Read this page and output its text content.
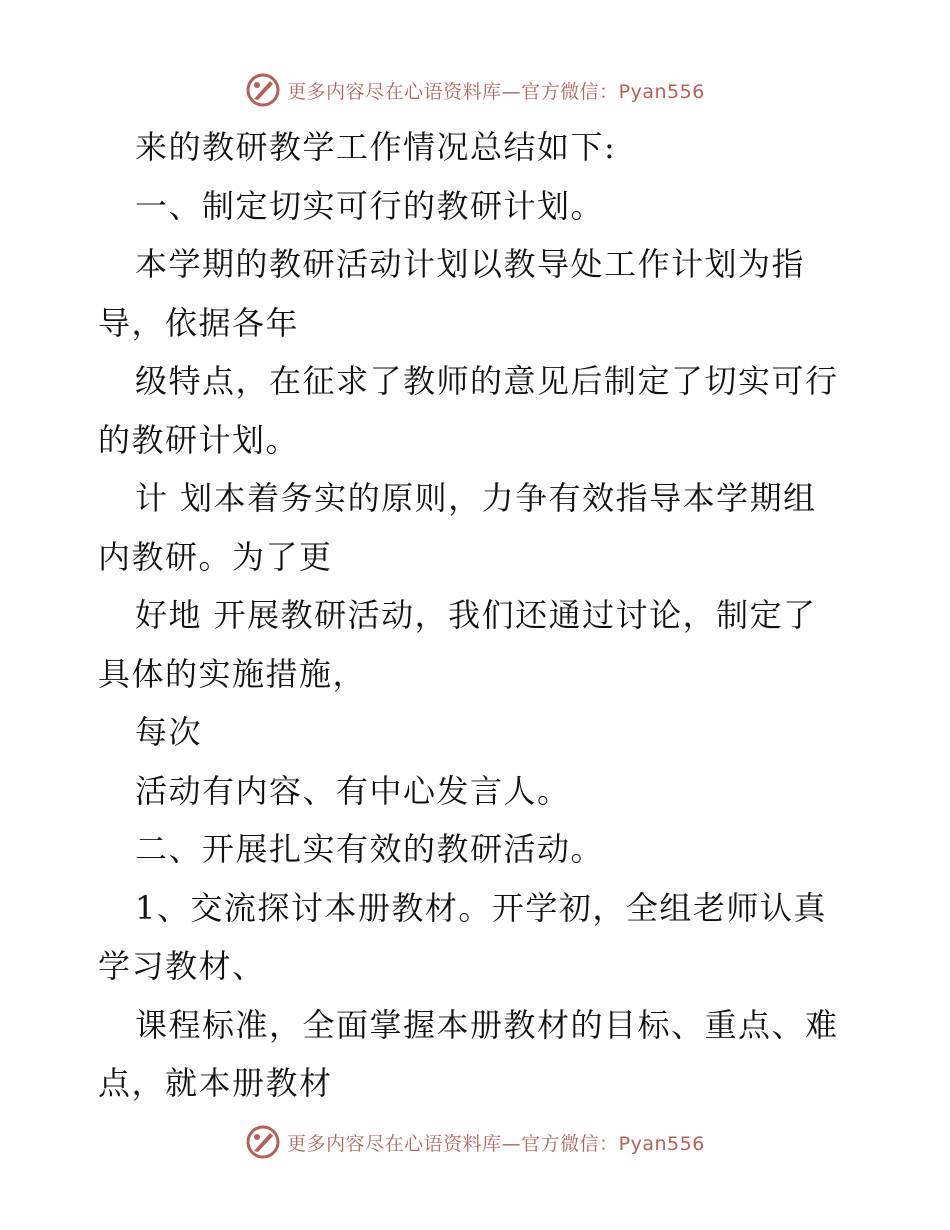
更多内容尽在心语资料库—官方微信：Pyan556
来的教研教学工作情况总结如下:
一、制定切实可行的教研计划。
本学期的教研活动计划以教导处工作计划为指
导，依据各年
级特点，在征求了教师的意见后制定了切实可行
的教研计划。
计 划本着务实的原则，力争有效指导本学期组
内教研。为了更
好地 开展教研活动，我们还通过讨论，制定了
具体的实施措施，
每次
活动有内容、有中心发言人。
二、开展扎实有效的教研活动。
1、交流探讨本册教材。开学初，全组老师认真
学习教材、
课程标准，全面掌握本册教材的目标、重点、难
点，就本册教材
更多内容尽在心语资料库—官方微信：Pyan556
